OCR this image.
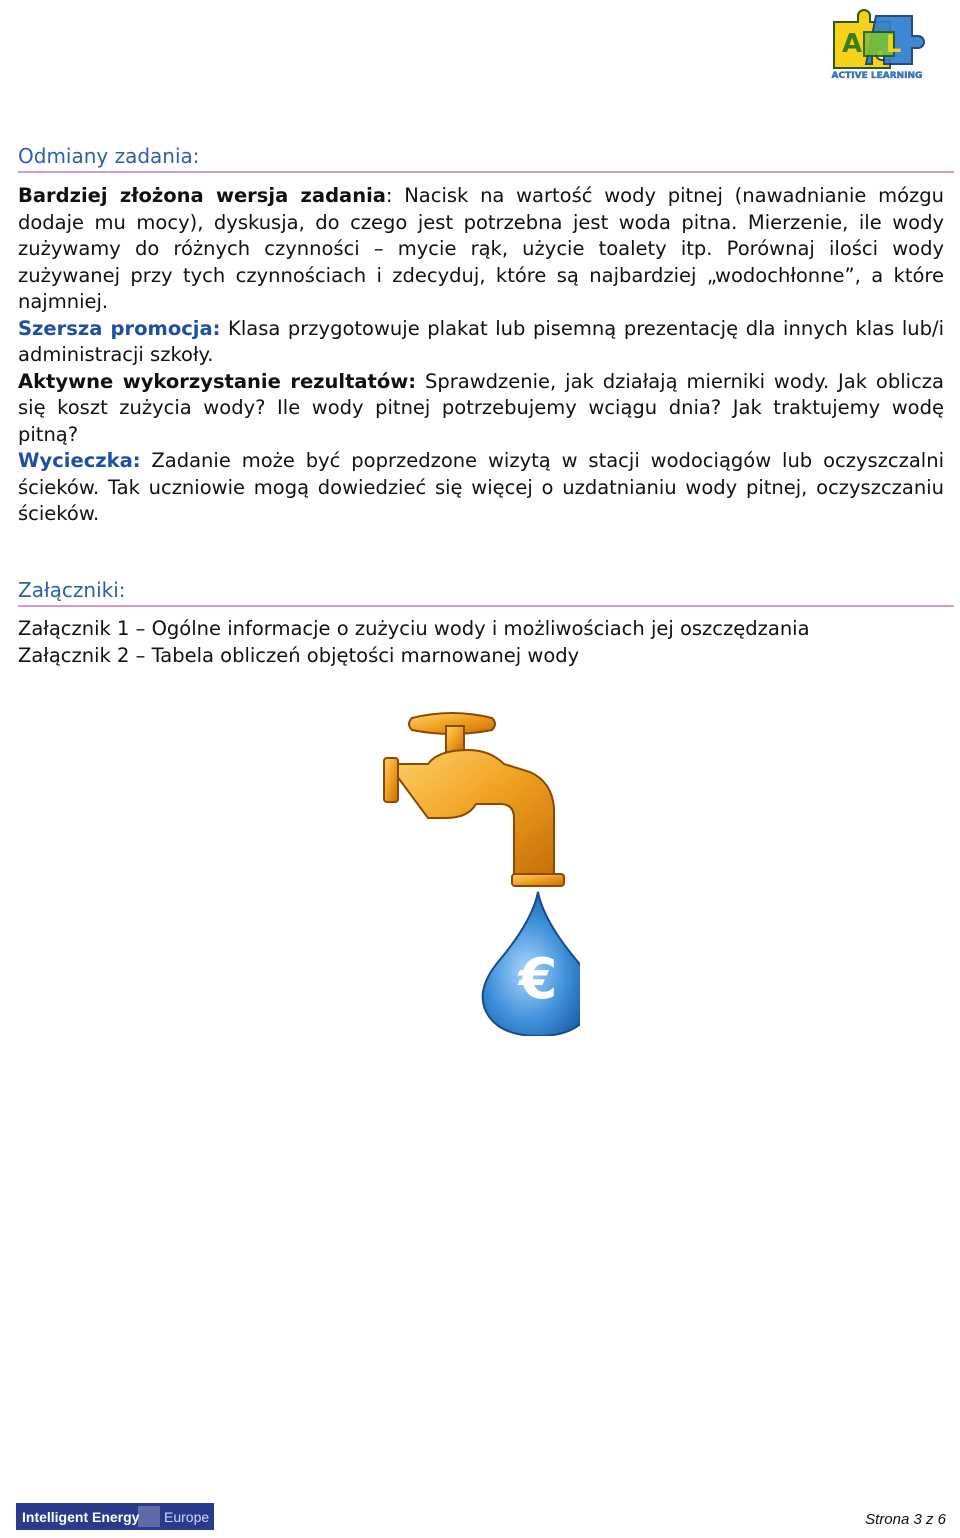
A L
ACTIVE LEARNING
Odmiany zadania:

Bardziej złożona wersja zadania: Nacisk na wartość wody pitnej (nawadnianie mózgu dodaje mu mocy), dyskusja, do czego jest potrzebna jest woda pitna. Mierzenie, ile wody zużywamy do różnych czynności – mycie rąk, użycie toalety itp. Porównaj ilości wody zużywanej przy tych czynnościach i zdecyduj, które są najbardziej „wodochłonne”, a które najmniej.

Szersza promocja: Klasa przygotowuje plakat lub pisemną prezentację dla innych klas lub/i administracji szkoły.

Aktywne wykorzystanie rezultatów: Sprawdzenie, jak działają mierniki wody. Jak oblicza się koszt zużycia wody? Ile wody pitnej potrzebujemy wciągu dnia? Jak traktujemy wodę pitną?

Wycieczka: Zadanie może być poprzedzone wizytą w stacji wodociągów lub oczyszczalni ścieków. Tak uczniowie mogą dowiedzieć się więcej o uzdatnianiu wody pitnej, oczyszczaniu ścieków.

Załączniki:
Załącznik 1 – Ogólne informacje o zużyciu wody i możliwościach jej oszczędzania
Załącznik 2 – Tabela obliczeń objętości marnowanej wody
€
Intelligent Energy Europe	Strona 3 z 6
